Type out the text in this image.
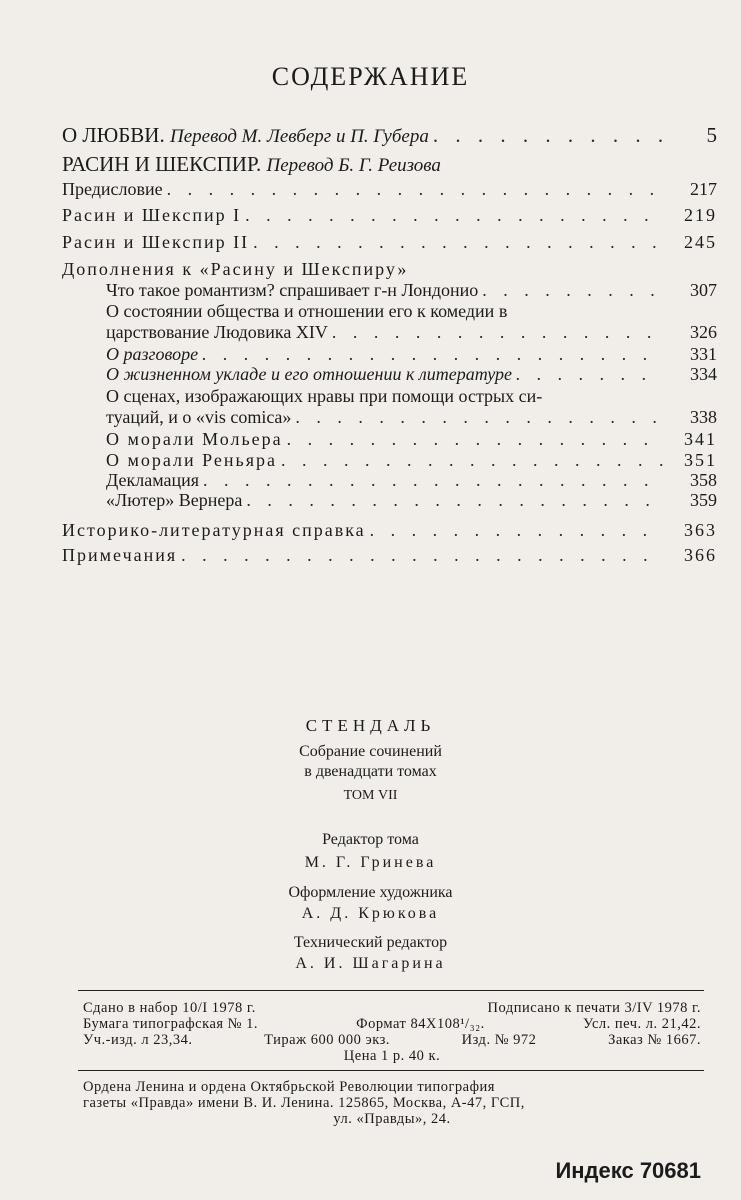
СОДЕРЖАНИЕ
О ЛЮБВИ. Перевод М. Левберг и П. Губера . . .	5
РАСИН И ШЕКСПИР. Перевод Б. Г. Реизова
Предисловие . . .	217
Расин и Шекспир I . . .	219
Расин и Шекспир II . . .	245
Дополнения к «Расину и Шекспиру»
Что такое романтизм? спрашивает г-н Лондонио . . .	307
О состоянии общества и отношении его к комедии в
царствование Людовика XIV . . .	326
О разговоре . . .	331
О жизненном укладе и его отношении к литературе . . .	334
О сценах, изображающих нравы при помощи острых си-
туаций, и о «vis comica» . . .	338
О морали Мольера . . .	341
О морали Реньяра . . .	351
Декламация . . .	358
«Лютер» Вернера . . .	359
Историко-литературная справка . . .	363
Примечания . . .	366
СТЕНДАЛЬ
Собрание сочинений
в двенадцати томах
ТОМ VII
Редактор тома
М. Г. Гринева
Оформление художника
А. Д. Крюкова
Технический редактор
А. И. Шагарина
Сдано в набор 10/I 1978 г.	Подписано к печати 3/IV 1978 г.
Бумага типографская № 1.	Формат 84Х108¹/₃₂.	Усл. печ. л. 21,42.
Уч.-изд. л 23,34.	Тираж 600 000 экз.	Изд. № 972	Заказ № 1667.
Цена 1 р. 40 к.
Ордена Ленина и ордена Октябрьской Революции типография
газеты «Правда» имени В. И. Ленина. 125865, Москва, А-47, ГСП,
ул. «Правды», 24.
Индекс 70681
